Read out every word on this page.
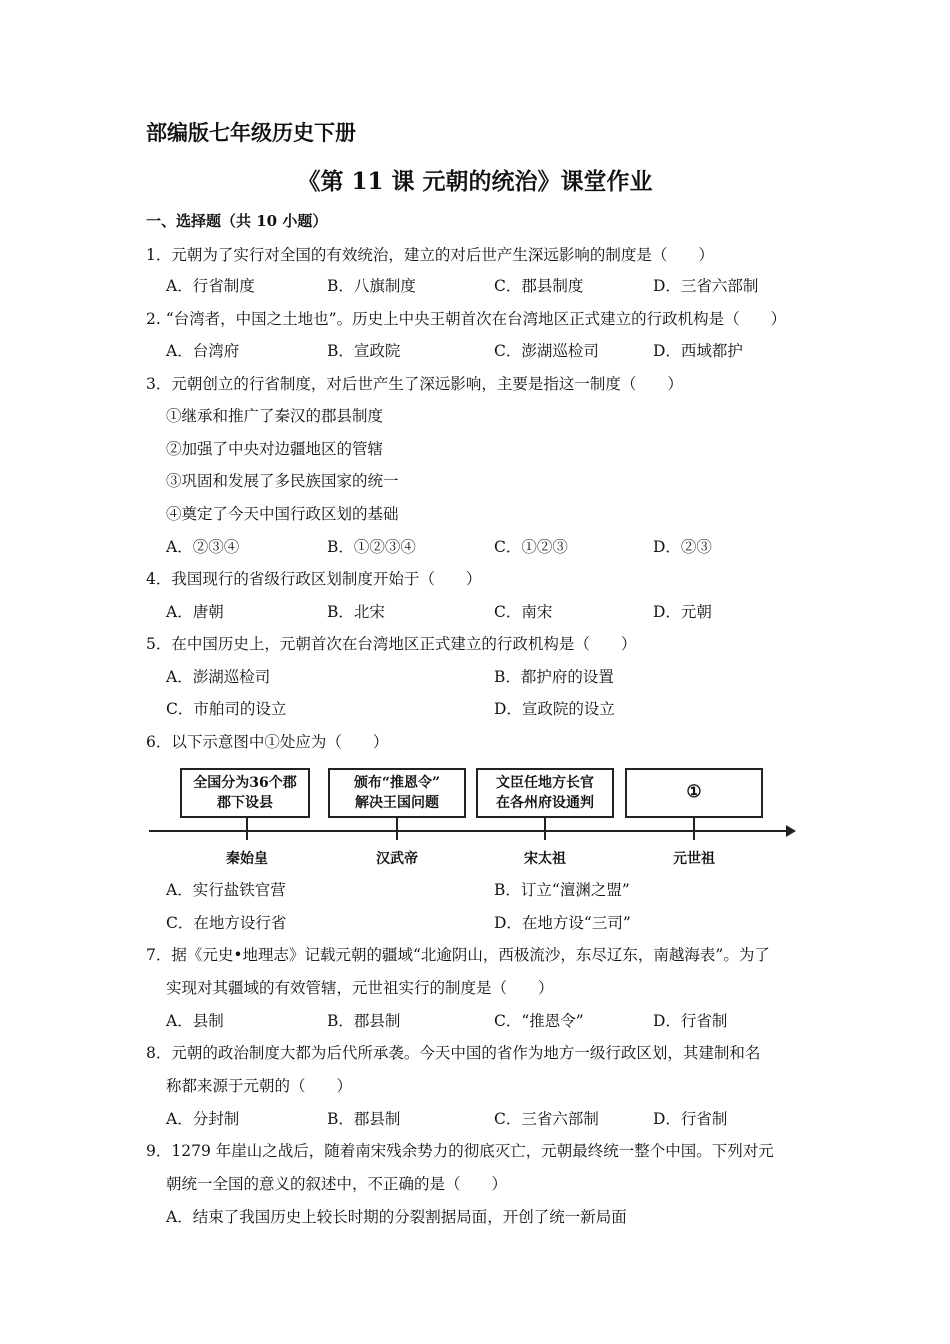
部编版七年级历史下册
《第 11 课 元朝的统治》课堂作业
一、选择题（共 10 小题）
1．元朝为了实行对全国的有效统治，建立的对后世产生深远影响的制度是（　　）
A．行省制度	B．八旗制度	C．郡县制度	D．三省六部制
2. “台湾者，中国之土地也”。历史上中央王朝首次在台湾地区正式建立的行政机构是（　　）
A．台湾府	B．宣政院	C．澎湖巡检司	D．西域都护
3．元朝创立的行省制度，对后世产生了深远影响，主要是指这一制度（　　）
①继承和推广了秦汉的郡县制度
②加强了中央对边疆地区的管辖
③巩固和发展了多民族国家的统一
④奠定了今天中国行政区划的基础
A．②③④	B．①②③④	C．①②③	D．②③
4．我国现行的省级行政区划制度开始于（　　）
A．唐朝	B．北宋	C．南宋	D．元朝
5．在中国历史上，元朝首次在台湾地区正式建立的行政机构是（　　）
A．澎湖巡检司	B．都护府的设置
C．市舶司的设立	D．宣政院的设立
6．以下示意图中①处应为（　　）
全国分为36个郡
郡下设县
颁布“推恩令”
解决王国问题
文臣任地方长官
在各州府设通判
①
秦始皇	汉武帝	宋太祖	元世祖
A．实行盐铁官营	B．订立“澶渊之盟”
C．在地方设行省	D．在地方设“三司”
7．据《元史•地理志》记载元朝的疆域“北逾阴山，西极流沙，东尽辽东，南越海表”。为了
实现对其疆域的有效管辖，元世祖实行的制度是（　　）
A．县制	B．郡县制	C．“推恩令”	D．行省制
8．元朝的政治制度大都为后代所承袭。今天中国的省作为地方一级行政区划，其建制和名
称都来源于元朝的（　　）
A．分封制	B．郡县制	C．三省六部制	D．行省制
9．1279 年崖山之战后，随着南宋残余势力的彻底灭亡，元朝最终统一整个中国。下列对元
朝统一全国的意义的叙述中，不正确的是（　　）
A．结束了我国历史上较长时期的分裂割据局面，开创了统一新局面
